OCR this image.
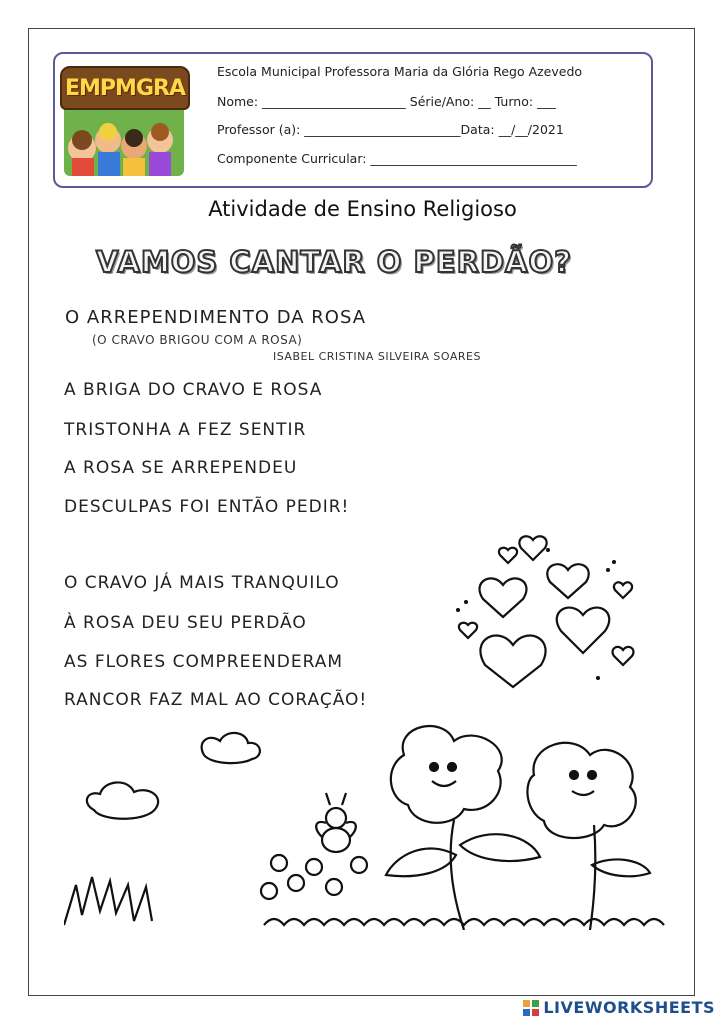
EMPMGRA
Escola Municipal Professora Maria da Glória Rego Azevedo
Nome: _______________________ Série/Ano: __ Turno: ___
Professor (a): _________________________Data: __/__/2021
Componente Curricular: _________________________________
Atividade de Ensino Religioso
VAMOS CANTAR O PERDÃO?
O ARREPENDIMENTO DA ROSA
(O CRAVO BRIGOU COM A ROSA)
ISABEL CRISTINA SILVEIRA SOARES
A BRIGA DO CRAVO E ROSA
TRISTONHA A FEZ SENTIR
A ROSA SE ARREPENDEU
DESCULPAS FOI ENTÃO PEDIR!
O CRAVO JÁ MAIS TRANQUILO
À ROSA DEU SEU PERDÃO
AS FLORES COMPREENDERAM
RANCOR FAZ MAL AO CORAÇÃO!
LIVEWORKSHEETS
